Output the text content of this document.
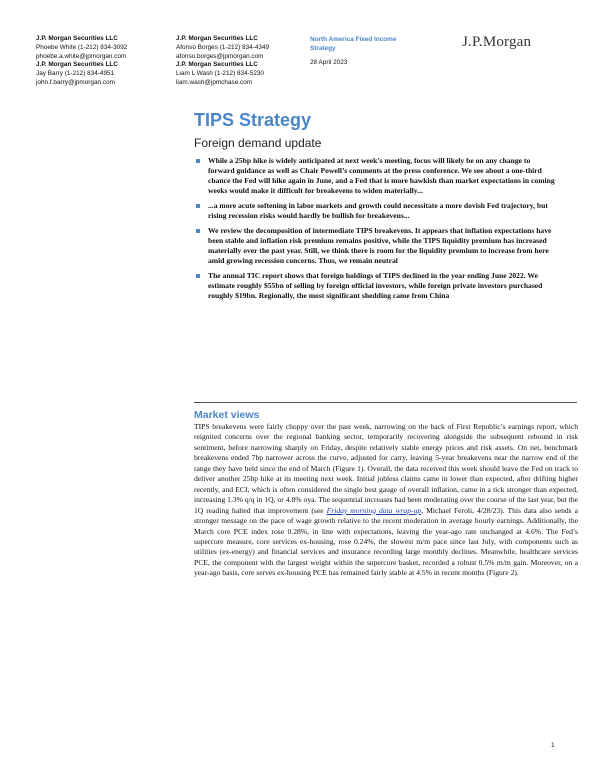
J.P. Morgan Securities LLC
Phoebe White (1-212) 834-3092
phoebe.a.white@jpmorgan.com
J.P. Morgan Securities LLC
Jay Barry (1-212) 834-4951
john.f.barry@jpmorgan.com
J.P. Morgan Securities LLC
Afonso Borges (1-212) 834-4349
afonso.borges@jpmorgan.com
J.P. Morgan Securities LLC
Liam L Wash (1-212) 834-5230
liam.wash@jpmchase.com
North America Fixed Income Strategy
28 April 2023
J.P.Morgan
TIPS Strategy
Foreign demand update
While a 25bp hike is widely anticipated at next week’s meeting, focus will likely be on any change to forward guidance as well as Chair Powell’s comments at the press conference. We see about a one-third chance the Fed will hike again in June, and a Fed that is more hawkish than market expectations in coming weeks would make it difficult for breakevens to widen materially...
...a more acute softening in labor markets and growth could necessitate a more dovish Fed trajectory, but rising recession risks would hardly be bullish for breakevens...
We review the decomposition of intermediate TIPS breakevens. It appears that inflation expectations have been stable and inflation risk premium remains positive, while the TIPS liquidity premium has increased materially over the past year. Still, we think there is room for the liquidity premium to increase from here amid growing recession concerns. Thus, we remain neutral
The annual TIC report shows that foreign holdings of TIPS declined in the year ending June 2022. We estimate roughly $55bn of selling by foreign official investors, while foreign private investors purchased roughly $19bn. Regionally, the most significant shedding came from China
Market views
TIPS breakevens were fairly choppy over the past week, narrowing on the back of First Republic’s earnings report, which reignited concerns over the regional banking sector, temporarily recovering alongside the subsequent rebound in risk sentiment, before narrowing sharply on Friday, despite relatively stable energy prices and risk assets. On net, benchmark breakevens ended 7bp narrower across the curve, adjusted for carry, leaving 5-year breakevens near the narrow end of the range they have held since the end of March (Figure 1). Overall, the data received this week should leave the Fed on track to deliver another 25bp hike at its meeting next week. Initial jobless claims came in lower than expected, after drifting higher recently, and ECI, which is often considered the single best gauge of overall inflation, came in a tick stronger than expected, increasing 1.3% q/q in 1Q, or 4.8% oya. The sequential increases had been moderating over the course of the last year, but the 1Q reading halted that improvement (see Friday morning data wrap-up, Michael Feroli, 4/28/23). This data also sends a stronger message on the pace of wage growth relative to the recent moderation in average hourly earnings. Additionally, the March core PCE index rose 0.28%, in line with expectations, leaving the year-ago rate unchanged at 4.6%. The Fed’s supercore measure, core services ex-housing, rose 0.24%, the slowest m/m pace since last July, with components such as utilities (ex-energy) and financial services and insurance recording large monthly declines. Meanwhile, healthcare services PCE, the component with the largest weight within the supercore basket, recorded a robust 0.5% m/m gain. Moreover, on a year-ago basis, core serves ex-housing PCE has remained fairly stable at 4.5% in recent months (Figure 2).
1
